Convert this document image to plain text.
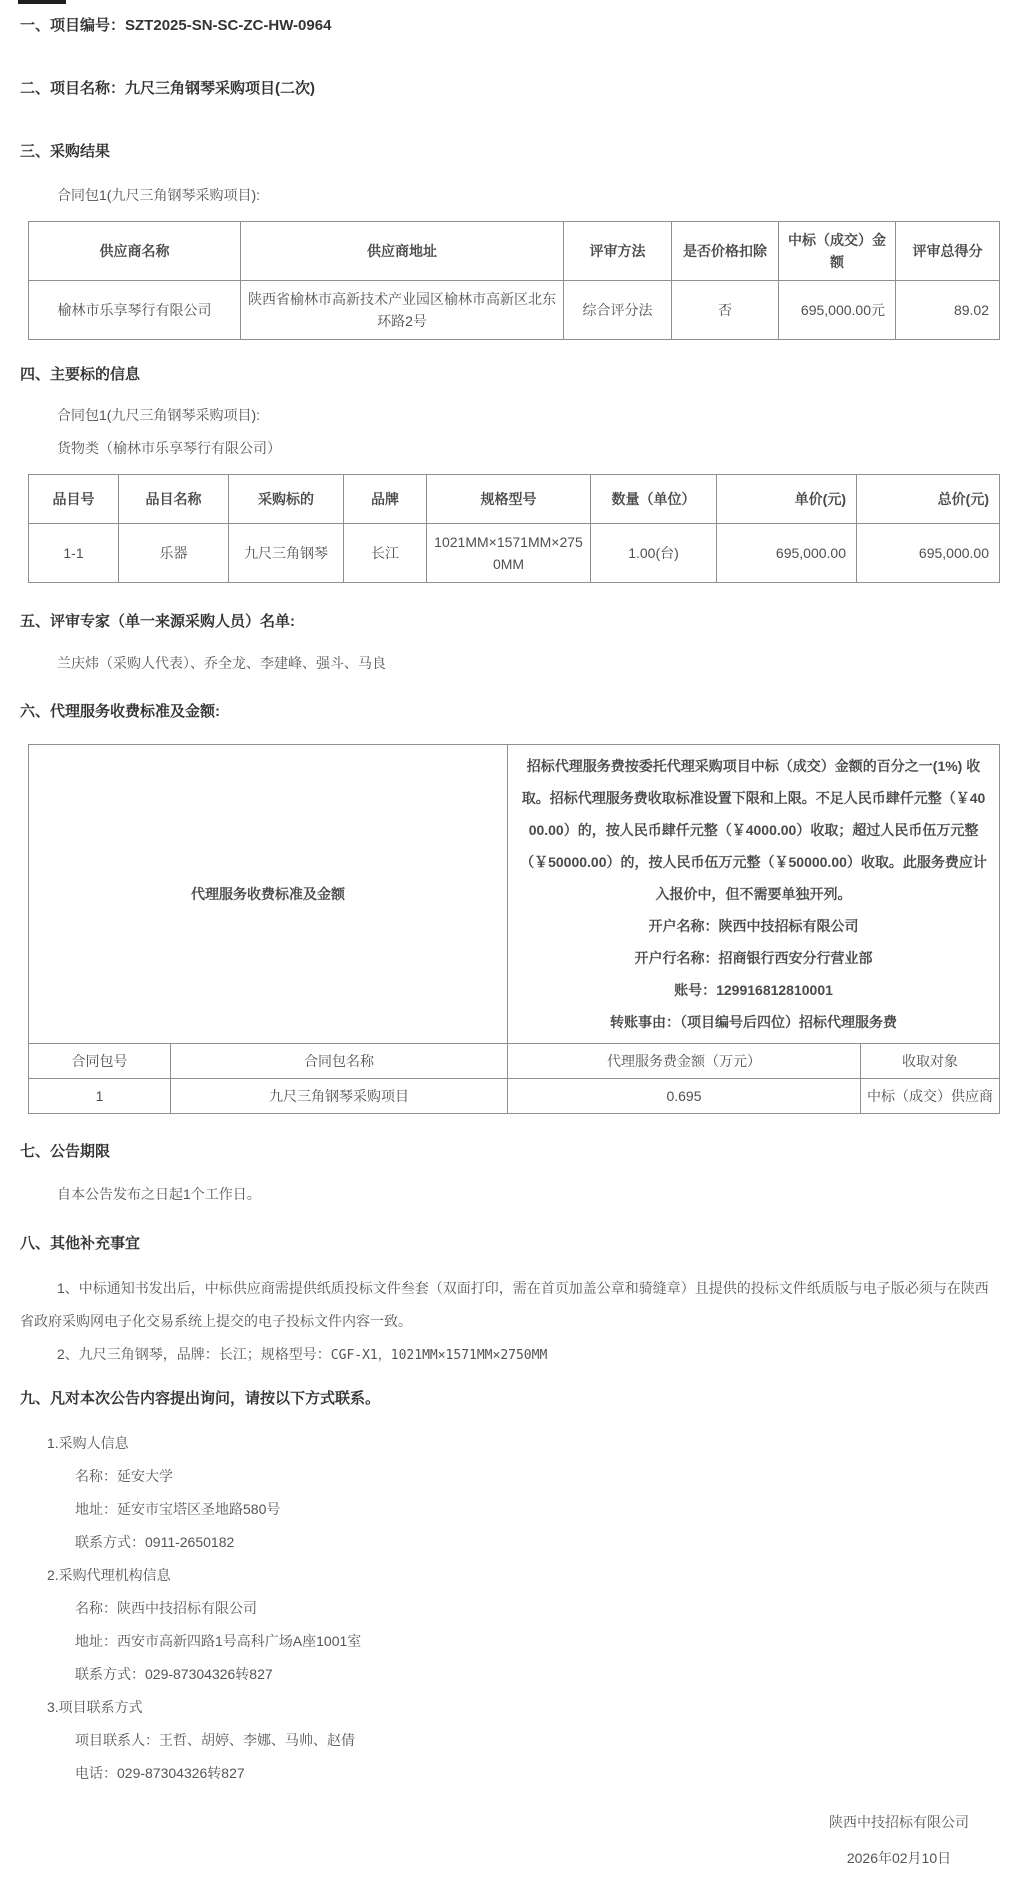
一、项目编号：SZT2025-SN-SC-ZC-HW-0964
二、项目名称：九尺三角钢琴采购项目(二次)
三、采购结果
合同包1(九尺三角钢琴采购项目):
供应商名称	供应商地址	评审方法	是否价格扣除	中标（成交）金额	评审总得分
榆林市乐享琴行有限公司	陕西省榆林市高新技术产业园区榆林市高新区北东环路2号	综合评分法	否	695,000.00元	89.02
四、主要标的信息
合同包1(九尺三角钢琴采购项目):
货物类（榆林市乐享琴行有限公司）
品目号	品目名称	采购标的	品牌	规格型号	数量（单位）	单价(元)	总价(元)
1-1	乐器	九尺三角钢琴	长江	1021MM×1571MM×2750MM	1.00(台)	695,000.00	695,000.00
五、评审专家（单一来源采购人员）名单:
兰庆炜（采购人代表）、乔全龙、李建峰、强斗、马良
六、代理服务收费标准及金额:
代理服务收费标准及金额		招标代理服务费按委托代理采购项目中标（成交）金额的百分之一(1%) 收取。招标代理服务费收取标准设置下限和上限。不足人民币肆仟元整（￥4000.00）的，按人民币肆仟元整（￥4000.00）收取；超过人民币伍万元整（￥50000.00）的，按人民币伍万元整（￥50000.00）收取。此服务费应计入报价中，但不需要单独开列。
开户名称：陕西中技招标有限公司
开户行名称：招商银行西安分行营业部
账号：129916812810001
转账事由：（项目编号后四位）招标代理服务费	

合同包号	合同包名称	代理服务费金额（万元）	收取对象
1	九尺三角钢琴采购项目	0.695	中标（成交）供应商
七、公告期限
自本公告发布之日起1个工作日。
八、其他补充事宜
1、中标通知书发出后，中标供应商需提供纸质投标文件叁套（双面打印，需在首页加盖公章和骑缝章）且提供的投标文件纸质版与电子版必须与在陕西省政府采购网电子化交易系统上提交的电子投标文件内容一致。
2、九尺三角钢琴，品牌：长江；规格型号：CGF-X1，1021MM×1571MM×2750MM
九、凡对本次公告内容提出询问，请按以下方式联系。
1.采购人信息
名称：延安大学
地址：延安市宝塔区圣地路580号
联系方式：0911-2650182
2.采购代理机构信息
名称：陕西中技招标有限公司
地址：西安市高新四路1号高科广场A座1001室
联系方式：029-87304326转827
3.项目联系方式
项目联系人：王哲、胡婷、李娜、马帅、赵倩
电话：029-87304326转827
陕西中技招标有限公司
2026年02月10日
